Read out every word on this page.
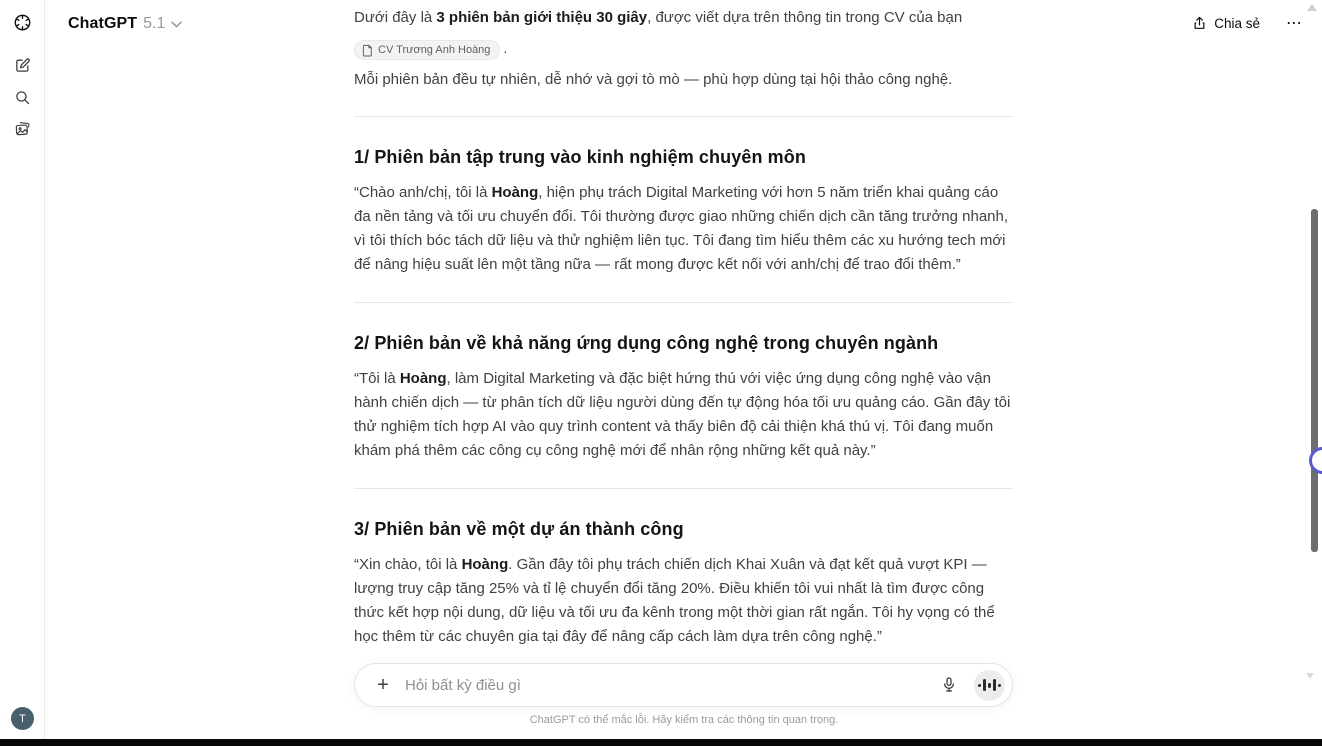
T
ChatGPT 5.1	Chia sẻ ⋯

Dưới đây là 3 phiên bản giới thiệu 30 giây, được viết dựa trên thông tin trong CV của bạn

CV Trương Anh Hoàng .

Mỗi phiên bản đều tự nhiên, dễ nhớ và gợi tò mò — phù hợp dùng tại hội thảo công nghệ.

1/ Phiên bản tập trung vào kinh nghiệm chuyên môn

“Chào anh/chị, tôi là Hoàng, hiện phụ trách Digital Marketing với hơn 5 năm triển khai quảng cáo đa nền tảng và tối ưu chuyển đổi. Tôi thường được giao những chiến dịch cần tăng trưởng nhanh, vì tôi thích bóc tách dữ liệu và thử nghiệm liên tục. Tôi đang tìm hiểu thêm các xu hướng tech mới để nâng hiệu suất lên một tầng nữa — rất mong được kết nối với anh/chị để trao đổi thêm.”

2/ Phiên bản về khả năng ứng dụng công nghệ trong chuyên ngành

“Tôi là Hoàng, làm Digital Marketing và đặc biệt hứng thú với việc ứng dụng công nghệ vào vận hành chiến dịch — từ phân tích dữ liệu người dùng đến tự động hóa tối ưu quảng cáo. Gần đây tôi thử nghiệm tích hợp AI vào quy trình content và thấy biên độ cải thiện khá thú vị. Tôi đang muốn khám phá thêm các công cụ công nghệ mới để nhân rộng những kết quả này.”

3/ Phiên bản về một dự án thành công

“Xin chào, tôi là Hoàng. Gần đây tôi phụ trách chiến dịch Khai Xuân và đạt kết quả vượt KPI — lượng truy cập tăng 25% và tỉ lệ chuyển đổi tăng 20%. Điều khiến tôi vui nhất là tìm được công thức kết hợp nội dung, dữ liệu và tối ưu đa kênh trong một thời gian rất ngắn. Tôi hy vọng có thể học thêm từ các chuyên gia tại đây để nâng cấp cách làm dựa trên công nghệ.”

+
Hỏi bất kỳ điều gì
ChatGPT có thể mắc lỗi. Hãy kiểm tra các thông tin quan trọng.
